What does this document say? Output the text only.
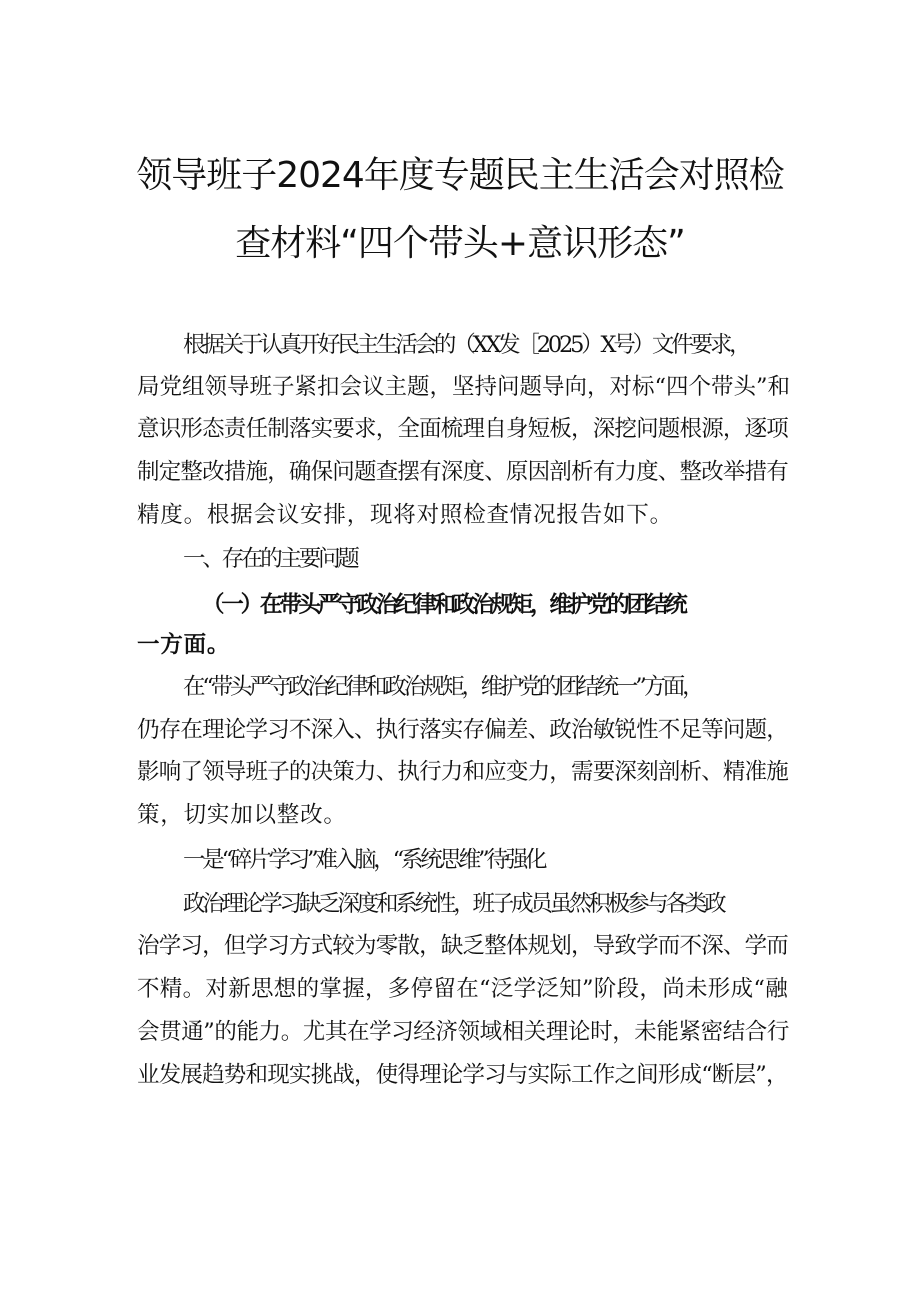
领导班子2024年度专题民主生活会对照检
查材料“四个带头+意识形态”

根据关于认真开好民主生活会的（XX发［2025）X号）文件要求，

局党组领导班子紧扣会议主题，坚持问题导向，对标“四个带头”和

意识形态责任制落实要求，全面梳理自身短板，深挖问题根源，逐项

制定整改措施，确保问题查摆有深度、原因剖析有力度、整改举措有

精度。根据会议安排，现将对照检查情况报告如下。

一、存在的主要问题

（一）在带头严守政治纪律和政治规矩，维护党的团结统

一方面。

在“带头严守政治纪律和政治规矩，维护党的团结统一”方面，

仍存在理论学习不深入、执行落实存偏差、政治敏锐性不足等问题，

影响了领导班子的决策力、执行力和应变力，需要深刻剖析、精准施

策，切实加以整改。

一是“碎片学习”难入脑，“系统思维”待强化

政治理论学习缺乏深度和系统性，班子成员虽然积极参与各类政

治学习，但学习方式较为零散，缺乏整体规划，导致学而不深、学而

不精。对新思想的掌握，多停留在“泛学泛知”阶段，尚未形成“融

会贯通”的能力。尤其在学习经济领域相关理论时，未能紧密结合行

业发展趋势和现实挑战，使得理论学习与实际工作之间形成“断层”，
